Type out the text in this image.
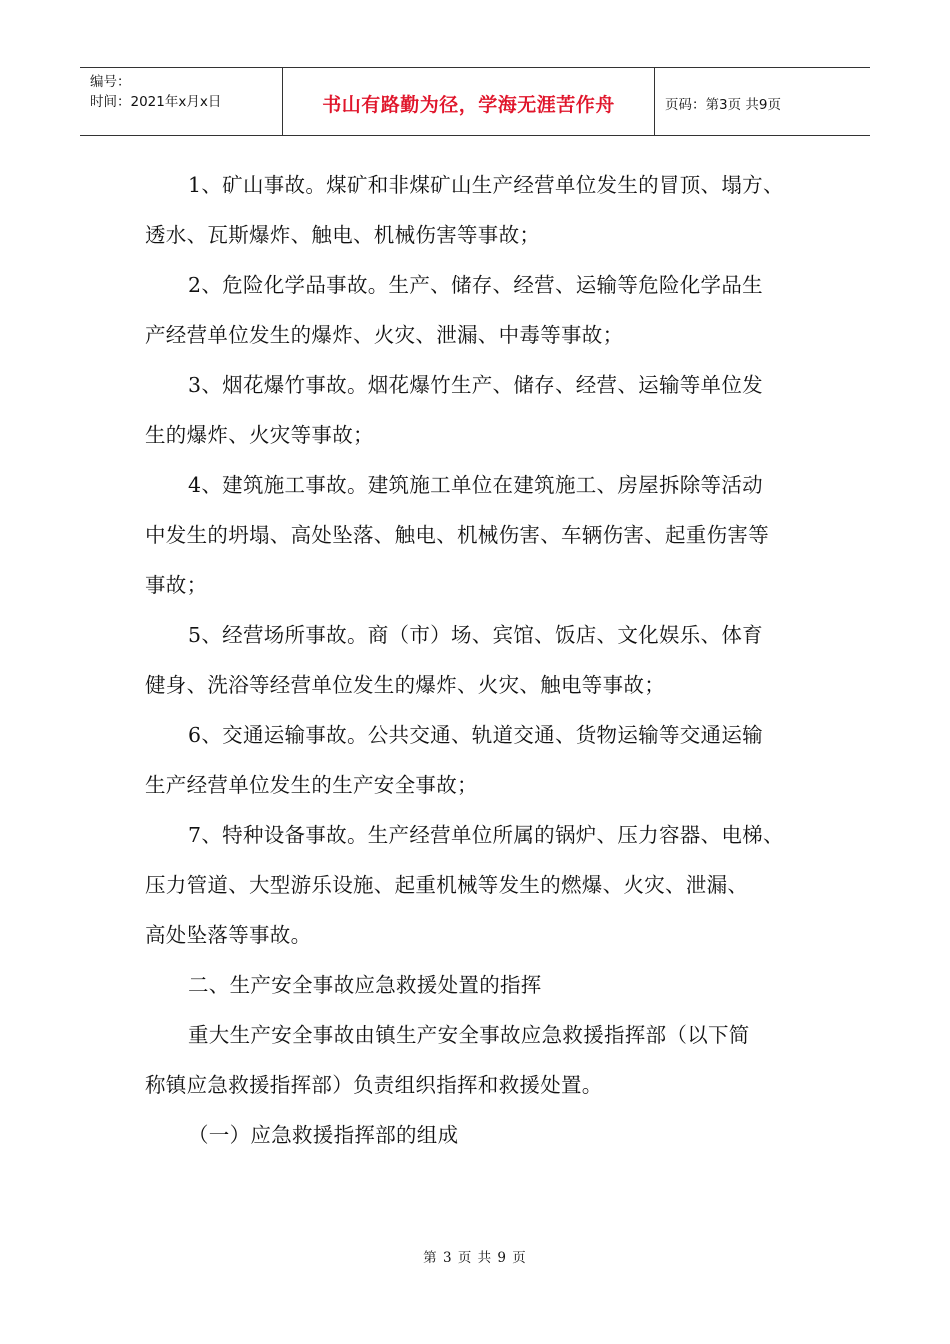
编号：
时间：2021年x月x日	书山有路勤为径，学海无涯苦作舟	页码：第3页 共9页
1、矿山事故。煤矿和非煤矿山生产经营单位发生的冒顶、塌方、
透水、瓦斯爆炸、触电、机械伤害等事故；
2、危险化学品事故。生产、储存、经营、运输等危险化学品生
产经营单位发生的爆炸、火灾、泄漏、中毒等事故；
3、烟花爆竹事故。烟花爆竹生产、储存、经营、运输等单位发
生的爆炸、火灾等事故；
4、建筑施工事故。建筑施工单位在建筑施工、房屋拆除等活动
中发生的坍塌、高处坠落、触电、机械伤害、车辆伤害、起重伤害等
事故；
5、经营场所事故。商（市）场、宾馆、饭店、文化娱乐、体育
健身、洗浴等经营单位发生的爆炸、火灾、触电等事故；
6、交通运输事故。公共交通、轨道交通、货物运输等交通运输
生产经营单位发生的生产安全事故；
7、特种设备事故。生产经营单位所属的锅炉、压力容器、电梯、
压力管道、大型游乐设施、起重机械等发生的燃爆、火灾、泄漏、
高处坠落等事故。
二、生产安全事故应急救援处置的指挥
重大生产安全事故由镇生产安全事故应急救援指挥部（以下简
称镇应急救援指挥部）负责组织指挥和救援处置。
（一）应急救援指挥部的组成
第 3 页 共 9 页
